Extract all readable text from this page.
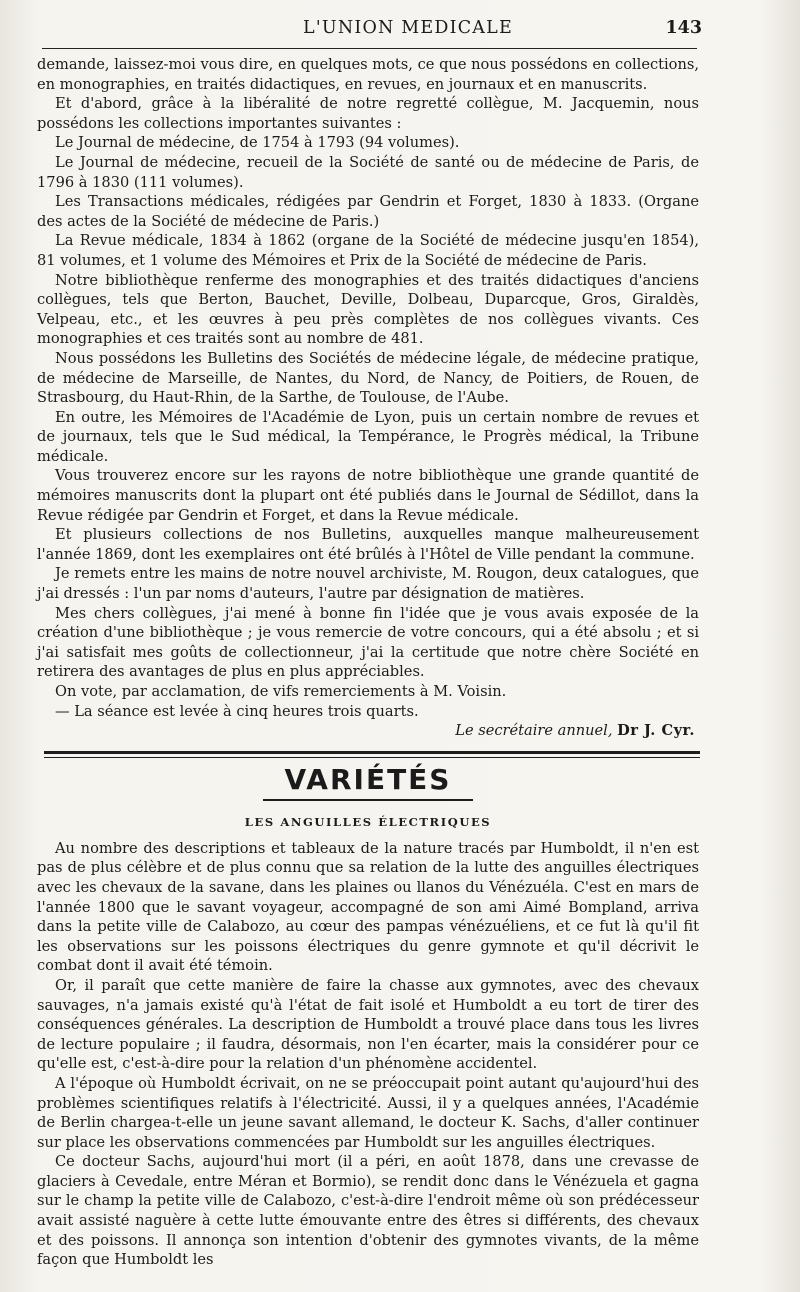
L'UNION MEDICALE	143

demande, laissez-moi vous dire, en quelques mots, ce que nous possédons en collections, en monographies, en traités didactiques, en revues, en journaux et en manuscrits.

Et d'abord, grâce à la libéralité de notre regretté collègue, M. Jacquemin, nous possédons les collections importantes suivantes :

Le Journal de médecine, de 1754 à 1793 (94 volumes).

Le Journal de médecine, recueil de la Société de santé ou de médecine de Paris, de 1796 à 1830 (111 volumes).

Les Transactions médicales, rédigées par Gendrin et Forget, 1830 à 1833. (Organe des actes de la Société de médecine de Paris.)

La Revue médicale, 1834 à 1862 (organe de la Société de médecine jusqu'en 1854), 81 volumes, et 1 volume des Mémoires et Prix de la Société de médecine de Paris.

Notre bibliothèque renferme des monographies et des traités didactiques d'anciens collègues, tels que Berton, Bauchet, Deville, Dolbeau, Duparcque, Gros, Giraldès, Velpeau, etc., et les œuvres à peu près complètes de nos collègues vivants. Ces monographies et ces traités sont au nombre de 481.

Nous possédons les Bulletins des Sociétés de médecine légale, de médecine pratique, de médecine de Marseille, de Nantes, du Nord, de Nancy, de Poitiers, de Rouen, de Strasbourg, du Haut-Rhin, de la Sarthe, de Toulouse, de l'Aube.

En outre, les Mémoires de l'Académie de Lyon, puis un certain nombre de revues et de journaux, tels que le Sud médical, la Tempérance, le Progrès médical, la Tribune médicale.

Vous trouverez encore sur les rayons de notre bibliothèque une grande quantité de mémoires manuscrits dont la plupart ont été publiés dans le Journal de Sédillot, dans la Revue rédigée par Gendrin et Forget, et dans la Revue médicale.

Et plusieurs collections de nos Bulletins, auxquelles manque malheureusement l'année 1869, dont les exemplaires ont été brûlés à l'Hôtel de Ville pendant la commune.

Je remets entre les mains de notre nouvel archiviste, M. Rougon, deux catalogues, que j'ai dressés : l'un par noms d'auteurs, l'autre par désignation de matières.

Mes chers collègues, j'ai mené à bonne fin l'idée que je vous avais exposée de la création d'une bibliothèque ; je vous remercie de votre concours, qui a été absolu ; et si j'ai satisfait mes goûts de collectionneur, j'ai la certitude que notre chère Société en retirera des avantages de plus en plus appréciables.

On vote, par acclamation, de vifs remerciements à M. Voisin.

— La séance est levée à cinq heures trois quarts.

Le secrétaire annuel, Dr J. Cyr.

VARIÉTÉS
LES ANGUILLES ÉLECTRIQUES

Au nombre des descriptions et tableaux de la nature tracés par Humboldt, il n'en est pas de plus célèbre et de plus connu que sa relation de la lutte des anguilles électriques avec les chevaux de la savane, dans les plaines ou llanos du Vénézuéla. C'est en mars de l'année 1800 que le savant voyageur, accompagné de son ami Aimé Bompland, arriva dans la petite ville de Calabozo, au cœur des pampas vénézuéliens, et ce fut là qu'il fit les observations sur les poissons électriques du genre gymnote et qu'il décrivit le combat dont il avait été témoin.

Or, il paraît que cette manière de faire la chasse aux gymnotes, avec des chevaux sauvages, n'a jamais existé qu'à l'état de fait isolé et Humboldt a eu tort de tirer des conséquences générales. La description de Humboldt a trouvé place dans tous les livres de lecture populaire ; il faudra, désormais, non l'en écarter, mais la considérer pour ce qu'elle est, c'est-à-dire pour la relation d'un phénomène accidentel.

A l'époque où Humboldt écrivait, on ne se préoccupait point autant qu'aujourd'hui des problèmes scientifiques relatifs à l'électricité. Aussi, il y a quelques années, l'Académie de Berlin chargea-t-elle un jeune savant allemand, le docteur K. Sachs, d'aller continuer sur place les observations commencées par Humboldt sur les anguilles électriques.

Ce docteur Sachs, aujourd'hui mort (il a péri, en août 1878, dans une crevasse de glaciers à Cevedale, entre Méran et Bormio), se rendit donc dans le Vénézuela et gagna sur le champ la petite ville de Calabozo, c'est-à-dire l'endroit même où son prédécesseur avait assisté naguère à cette lutte émouvante entre des êtres si différents, des chevaux et des poissons. Il annonça son intention d'obtenir des gymnotes vivants, de la même façon que Humboldt les
